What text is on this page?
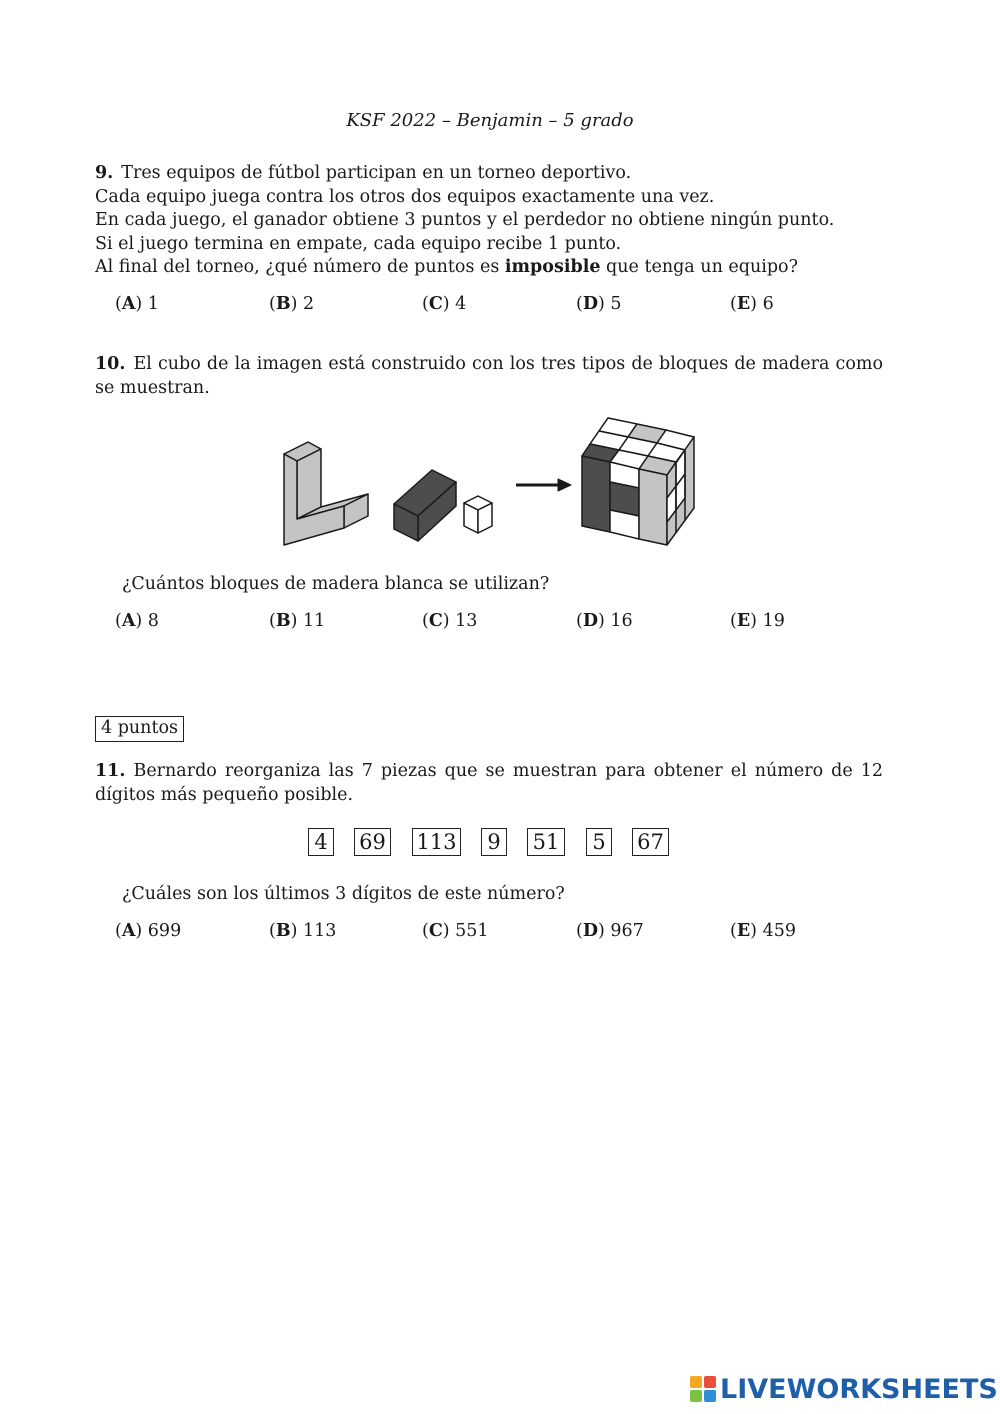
KSF 2022 – Benjamin – 5 grado

9. Tres equipos de fútbol participan en un torneo deportivo.

Cada equipo juega contra los otros dos equipos exactamente una vez.

En cada juego, el ganador obtiene 3 puntos y el perdedor no obtiene ningún punto.

Si el juego termina en empate, cada equipo recibe 1 punto.

Al final del torneo, ¿qué número de puntos es imposible que tenga un equipo?

(A) 1	(B) 2	(C) 4	(D) 5	(E) 6

10. El cubo de la imagen está construido con los tres tipos de bloques de madera como se muestran.

¿Cuántos bloques de madera blanca se utilizan?
(A) 8	(B) 11	(C) 13	(D) 16	(E) 19
4 puntos

11. Bernardo reorganiza las 7 piezas que se muestran para obtener el número de 12 dígitos más pequeño posible.

4	69 113	9	51	5	67
¿Cuáles son los últimos 3 dígitos de este número?
(A) 699	(B) 113	(C) 551	(D) 967	(E) 459
LIVEWORKSHEETS
